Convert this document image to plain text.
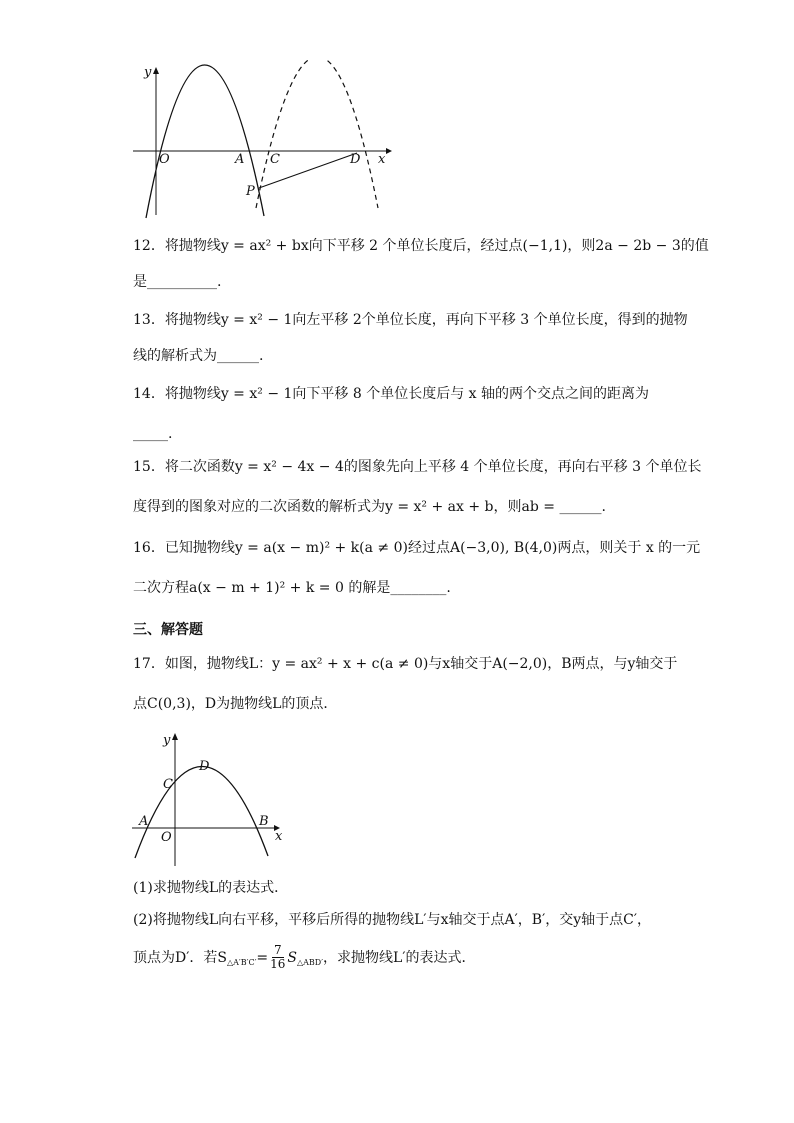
y
x
O	A C	D
P
12．将抛物线y = ax² + bx向下平移 2 个单位长度后，经过点(−1,1)，则2a − 2b − 3的值
是__________.
13．将抛物线y = x² − 1向左平移 2个单位长度，再向下平移 3 个单位长度，得到的抛物
线的解析式为______.
14．将抛物线y = x² − 1向下平移 8 个单位长度后与 x 轴的两个交点之间的距离为
_____.
15．将二次函数y = x² − 4x − 4的图象先向上平移 4 个单位长度，再向右平移 3 个单位长
度得到的图象对应的二次函数的解析式为y = x² + ax + b，则ab = ______.
16．已知抛物线y = a(x − m)² + k(a ≠ 0)经过点A(−3,0), B(4,0)两点，则关于 x 的一元
二次方程a(x − m + 1)² + k = 0 的解是________.
三、解答题
17．如图，抛物线L：y = ax² + x + c(a ≠ 0)与x轴交于A(−2,0)，B两点，与y轴交于
点C(0,3)，D为抛物线L的顶点．
y
x
O
A	B
C
D
(1)求抛物线L的表达式．
(2)将抛物线L向右平移，平移后所得的抛物线L′与x轴交于点A′，B′，交y轴于点C′，
顶点为D′．若S △A′B′C′ = $\frac{7}{16}$ S △ABD′ ，求抛物线L′的表达式．
